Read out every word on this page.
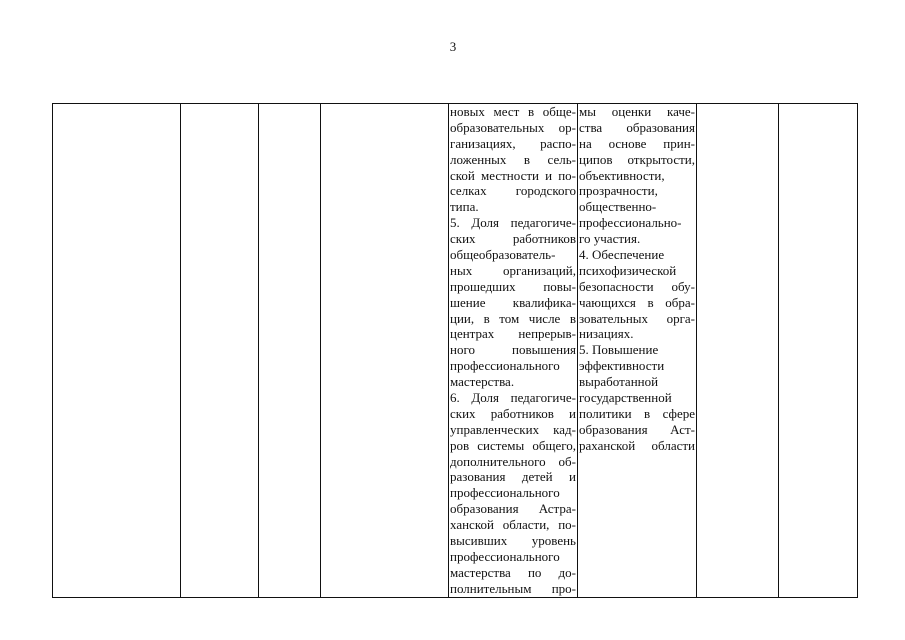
3
новых мест в обще-
образовательных ор-
ганизациях, распо-
ложенных в сель-
ской местности и по-
селках городского
типа.
5. Доля педагогиче-
ских работников
общеобразователь-
ных организаций,
прошедших повы-
шение квалифика-
ции, в том числе в
центрах непрерыв-
ного повышения
профессионального
мастерства.
6. Доля педагогиче-
ских работников и
управленческих кад-
ров системы общего,
дополнительного об-
разования детей и
профессионального
образования Астра-
ханской области, по-
высивших уровень
профессионального
мастерства по до-
полнительным про-
мы оценки каче-
ства образования
на основе прин-
ципов открытости,
объективности,
прозрачности,
общественно-
профессионально-
го участия.
4. Обеспечение
психофизической
безопасности обу-
чающихся в обра-
зовательных орга-
низациях.
5. Повышение
эффективности
выработанной
государственной
политики в сфере
образования Аст-
раханской области
